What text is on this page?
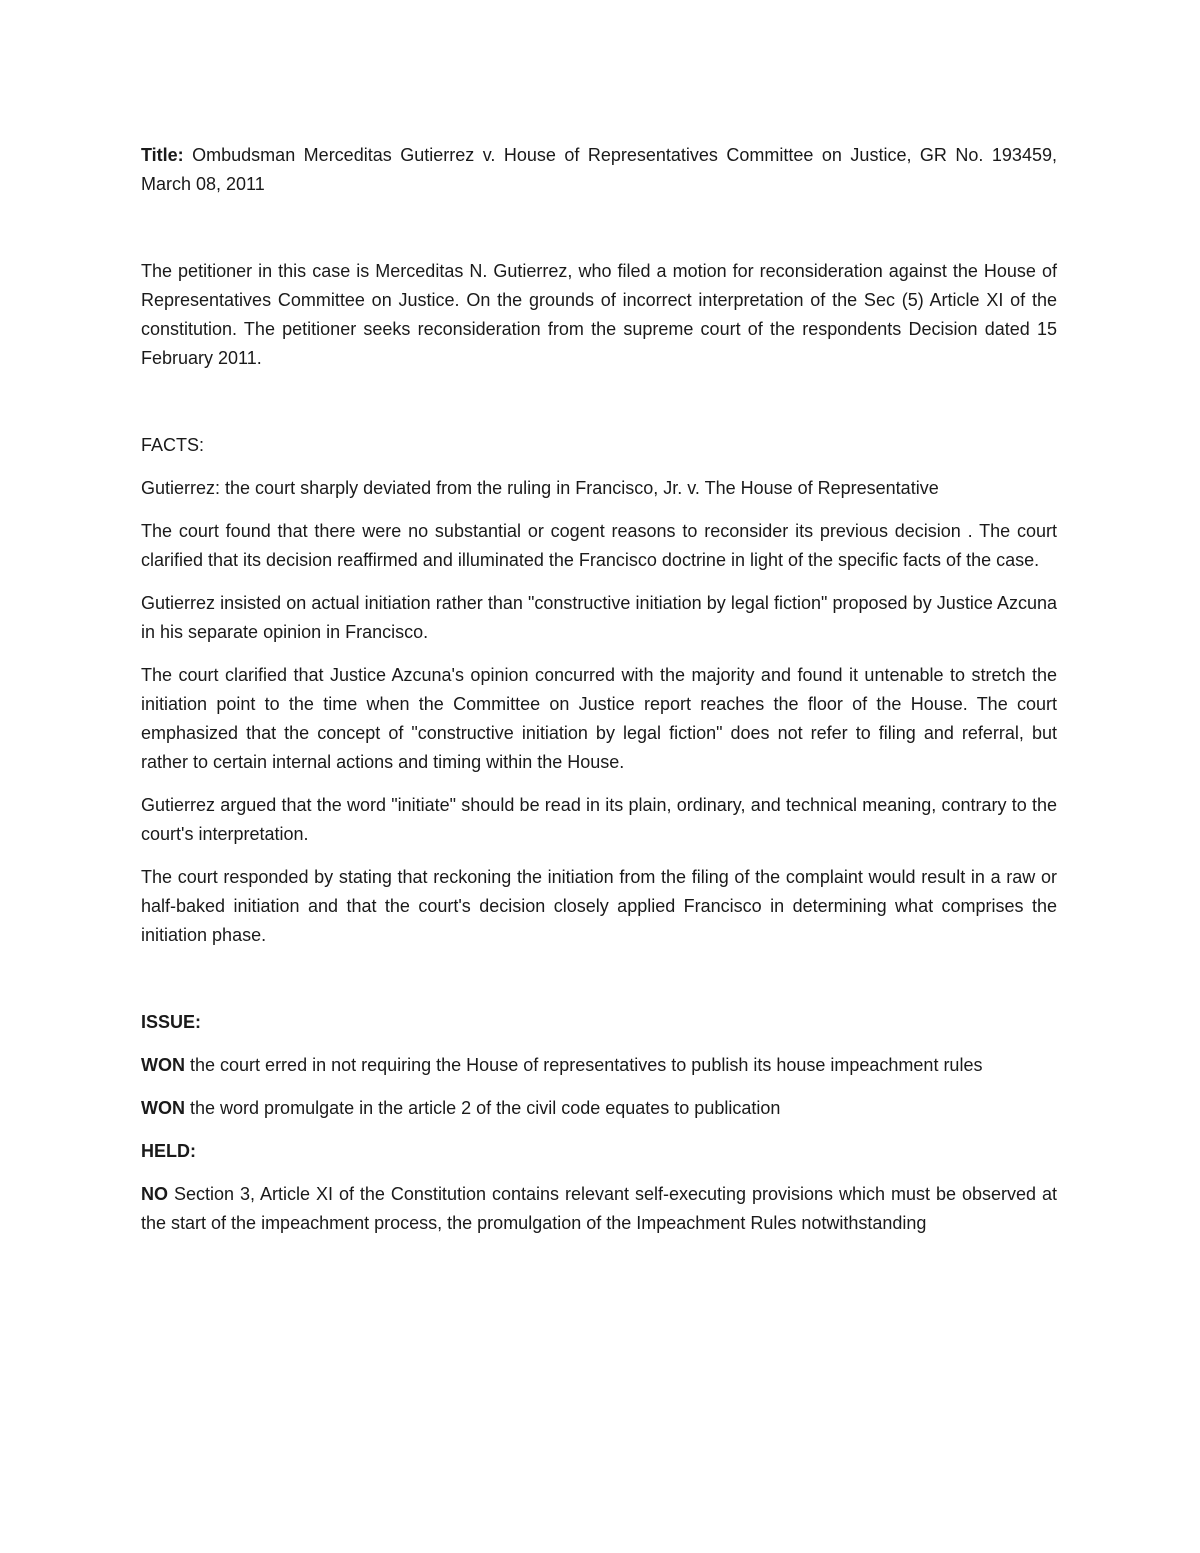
Title: Ombudsman Merceditas Gutierrez v. House of Representatives Committee on Justice, GR No. 193459, March 08, 2011

The petitioner in this case is Merceditas N. Gutierrez, who filed a motion for reconsideration against the House of Representatives Committee on Justice. On the grounds of incorrect interpretation of the Sec (5) Article XI of the constitution. The petitioner seeks reconsideration from the supreme court of the respondents Decision dated 15 February 2011.

FACTS:

Gutierrez: the court sharply deviated from the ruling in Francisco, Jr. v. The House of Representative

The court found that there were no substantial or cogent reasons to reconsider its previous decision . The court clarified that its decision reaffirmed and illuminated the Francisco doctrine in light of the specific facts of the case.

Gutierrez insisted on actual initiation rather than "constructive initiation by legal fiction" proposed by Justice Azcuna in his separate opinion in Francisco.

The court clarified that Justice Azcuna's opinion concurred with the majority and found it untenable to stretch the initiation point to the time when the Committee on Justice report reaches the floor of the House. The court emphasized that the concept of "constructive initiation by legal fiction" does not refer to filing and referral, but rather to certain internal actions and timing within the House.

Gutierrez argued that the word "initiate" should be read in its plain, ordinary, and technical meaning, contrary to the court's interpretation.

The court responded by stating that reckoning the initiation from the filing of the complaint would result in a raw or half-baked initiation and that the court's decision closely applied Francisco in determining what comprises the initiation phase.

ISSUE:

WON the court erred in not requiring the House of representatives to publish its house impeachment rules

WON the word promulgate in the article 2 of the civil code equates to publication

HELD:

NO Section 3, Article XI of the Constitution contains relevant self-executing provisions which must be observed at the start of the impeachment process, the promulgation of the Impeachment Rules notwithstanding
